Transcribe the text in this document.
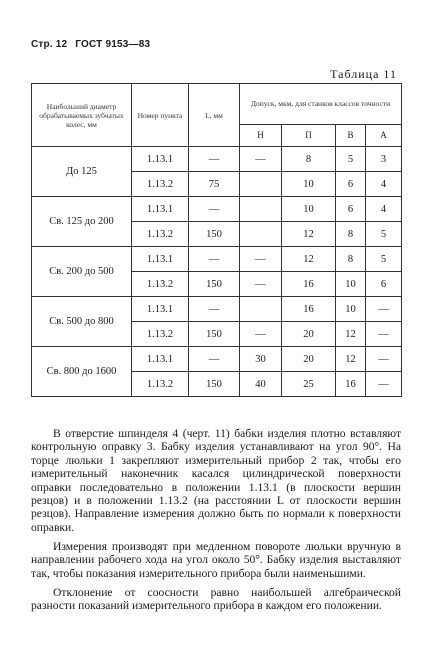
Стр. 12 ГОСТ 9153—83
Таблица 11
Наибольший диаметр обрабатываемых зубчатых колес, мм	Номер пункта	L, мм	Допуск, мкм, для станков классов точности			
			Н	П	В	А
До 125	1.13.1	—	—	8	5	3
	1.13.2	75		10	6	4
Св. 125 до 200	1.13.1	—		10	6	4
	1.13.2	150		12	8	5
Св. 200 до 500	1.13.1	—	—	12	8	5
	1.13.2	150	—	16	10	6
Св. 500 до 800	1.13.1	—		16	10	—
	1.13.2	150	—	20	12	—
Св. 800 до 1600	1.13.1	—	30	20	12	—
	1.13.2	150	40	25	16	—

В отверстие шпинделя 4 (черт. 11) бабки изделия плотно вставляют контрольную оправку 3. Бабку изделия устанавливают на угол 90°. На торце люльки 1 закрепляют измерительный прибор 2 так, чтобы его измерительный наконечник касался цилиндрической поверхности оправки последовательно в положении 1.13.1 (в плоскости вершин резцов) и в положении 1.13.2 (на расстоянии L от плоскости вершин резцов). Направление измерения должно быть по нормали к поверхности оправки.

Измерения производят при медленном повороте люльки вручную в направлении рабочего хода на угол около 50°. Бабку изделия выставляют так, чтобы показания измерительного прибора были наименьшими.

Отклонение от соосности равно наибольшей алгебраической разности показаний измерительного прибора в каждом его положении.
